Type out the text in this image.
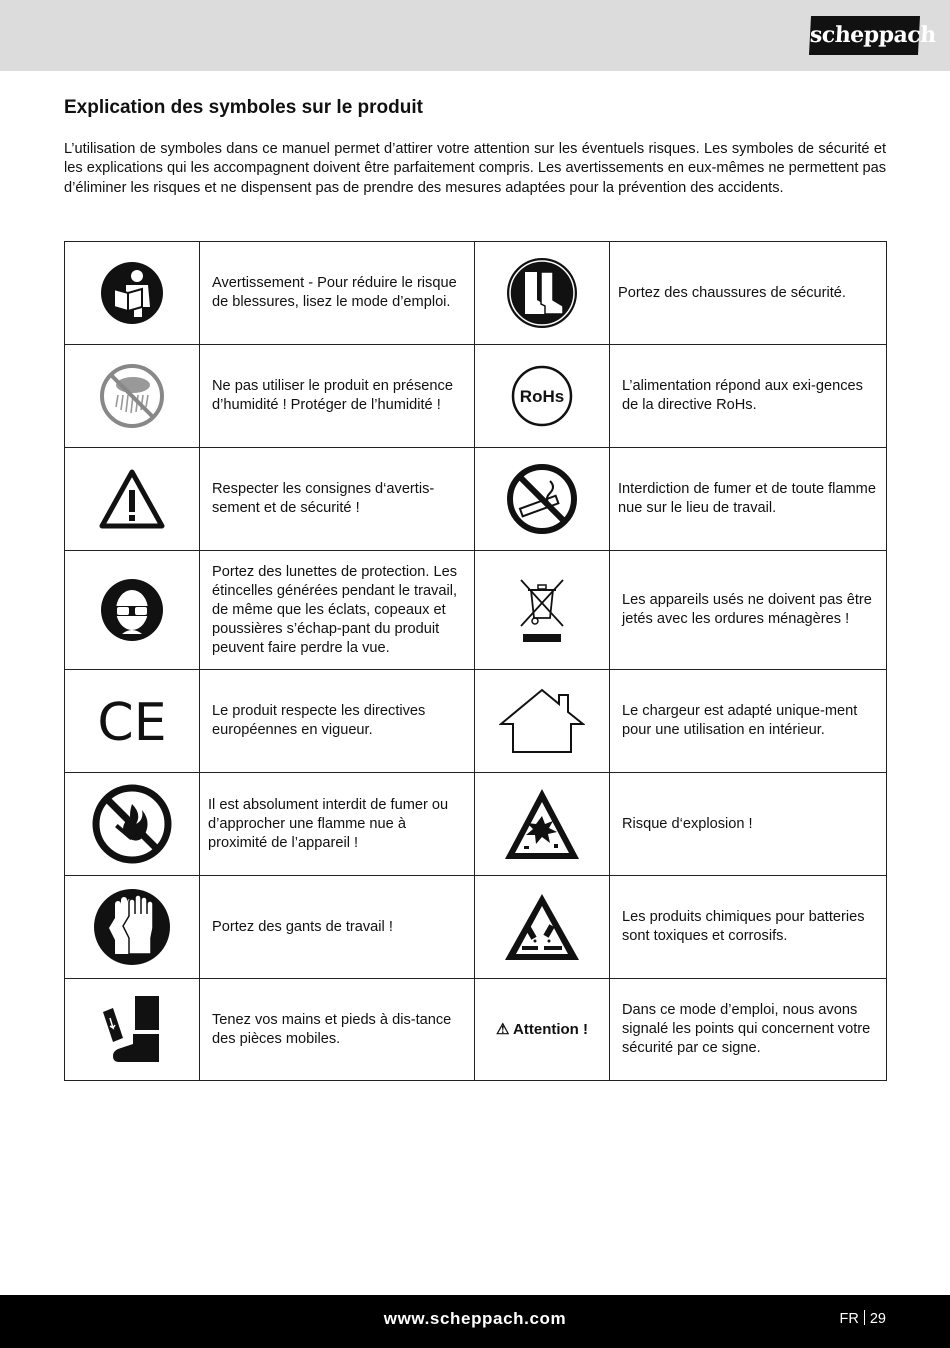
scheppach
Explication des symboles sur le produit

L’utilisation de symboles dans ce manuel permet d’attirer votre attention sur les éventuels risques. Les symboles de sécurité et les explications qui les accompagnent doivent être parfaitement compris. Les avertissements en eux-mêmes ne permettent pas d’éliminer les risques et ne dispensent pas de prendre des mesures adaptées pour la prévention des accidents.

	Avertissement - Pour réduire le risque de blessures, lisez le mode d’emploi.		Portez des chaussures de sécurité.

	Ne pas utiliser le produit en présence d’humidité ! Protéger de l’humidité !	RoHs	L’alimentation répond aux exi-gences de la directive RoHs.

	Respecter les consignes d‘avertis-sement et de sécurité !		Interdiction de fumer et de toute flamme nue sur le lieu de travail.

	Portez des lunettes de protection. Les étincelles générées pendant le travail, de même que les éclats, copeaux et poussières s’échap-pant du produit peuvent faire perdre la vue.		Les appareils usés ne doivent pas être jetés avec les ordures ménagères !

CE	Le produit respecte les directives européennes en vigueur.		Le chargeur est adapté unique-ment pour une utilisation en intérieur.

	Il est absolument interdit de fumer ou d’approcher une flamme nue à proximité de l’appareil !		Risque d‘explosion !

	Portez des gants de travail !		Les produits chimiques pour batteries sont toxiques et corrosifs.

	Tenez vos mains et pieds à dis-tance des pièces mobiles.	⚠ Attention !	Dans ce mode d’emploi, nous avons signalé les points qui concernent votre sécurité par ce signe.
www.scheppach.com	FR 29
